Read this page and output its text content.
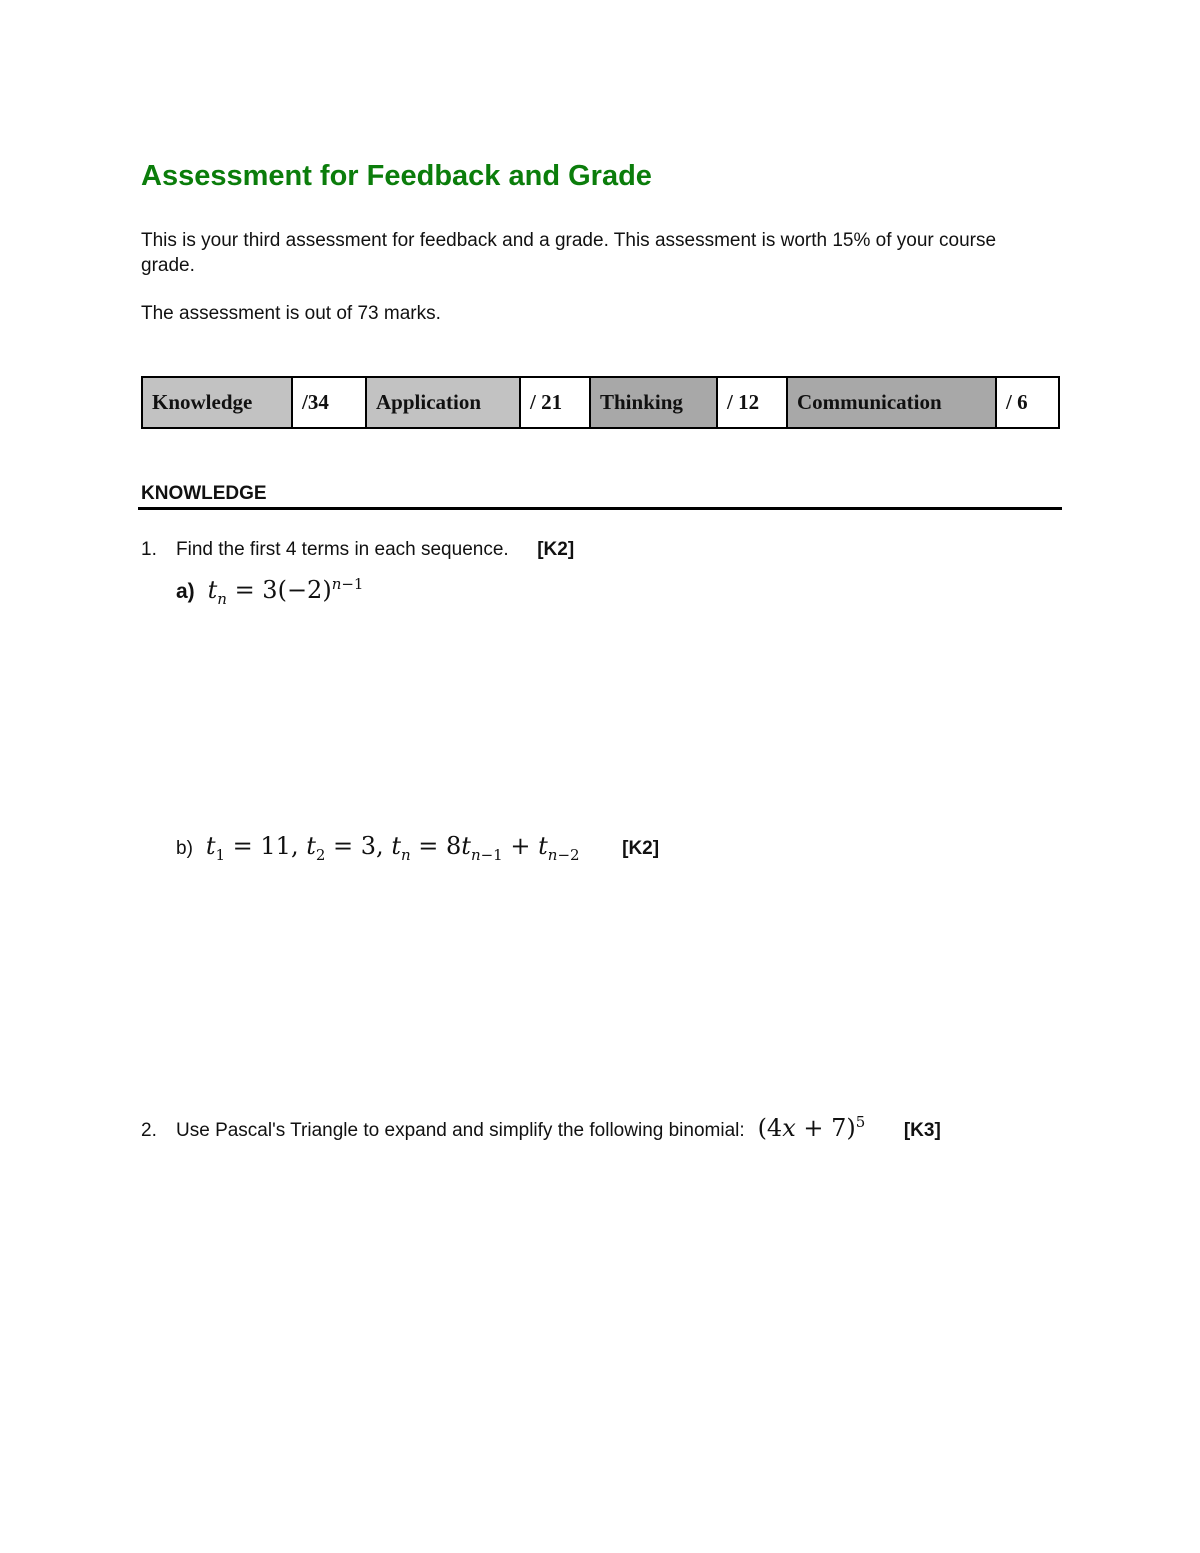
Assessment for Feedback and Grade

This is your third assessment for feedback and a grade. This assessment is worth 15% of your course grade.

The assessment is out of 73 marks.

Knowledge	/34	Application	/ 21	Thinking	/ 12	Communication	/ 6

KNOWLEDGE

1. Find the first 4 terms in each sequence. [K2]

a) $t_n = 3(-2)^{n-1}$

b) $t_1 = 11$, $t_2 = 3$, $t_n = 8t_{n-1} + t_{n-2}$ [K2]

2. Use Pascal's Triangle to expand and simplify the following binomial:  $(4x + 7)^5$ [K3]
